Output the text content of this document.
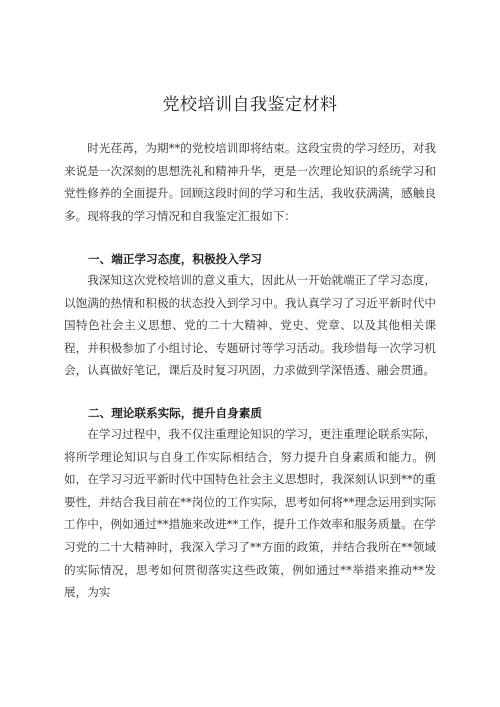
党校培训自我鉴定材料

时光荏苒，为期**的党校培训即将结束。这段宝贵的学习经历，对我来说是一次深刻的思想洗礼和精神升华，更是一次理论知识的系统学习和党性修养的全面提升。回顾这段时间的学习和生活，我收获满满，感触良多。现将我的学习情况和自我鉴定汇报如下：

一、端正学习态度，积极投入学习

我深知这次党校培训的意义重大，因此从一开始就端正了学习态度，以饱满的热情和积极的状态投入到学习中。我认真学习了习近平新时代中国特色社会主义思想、党的二十大精神、党史、党章、以及其他相关课程，并积极参加了小组讨论、专题研讨等学习活动。我珍惜每一次学习机会，认真做好笔记，课后及时复习巩固，力求做到学深悟透、融会贯通。

二、理论联系实际，提升自身素质

在学习过程中，我不仅注重理论知识的学习，更注重理论联系实际，将所学理论知识与自身工作实际相结合，努力提升自身素质和能力。例如，在学习习近平新时代中国特色社会主义思想时，我深刻认识到**的重要性，并结合我目前在**岗位的工作实际，思考如何将**理念运用到实际工作中，例如通过**措施来改进**工作，提升工作效率和服务质量。在学习党的二十大精神时，我深入学习了**方面的政策，并结合我所在**领域的实际情况，思考如何贯彻落实这些政策，例如通过**举措来推动**发展，为实
